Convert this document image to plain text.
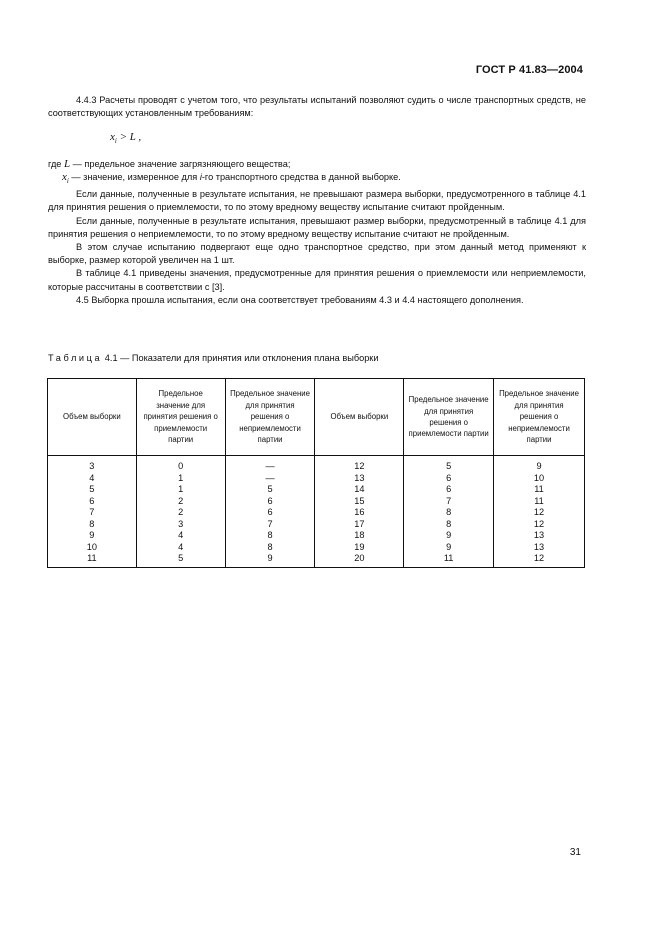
ГОСТ Р 41.83—2004

4.4.3 Расчеты проводят с учетом того, что результаты испытаний позволяют судить о числе транспортных средств, не соответствующих установленным требованиям:

$x_i > L$ ,

где L — предельное значение загрязняющего вещества;

$x_i$ — значение, измеренное для i-го транспортного средства в данной выборке.

Если данные, полученные в результате испытания, не превышают размера выборки, предусмотренного в таблице 4.1 для принятия решения о приемлемости, то по этому вредному веществу испытание считают пройденным.

Если данные, полученные в результате испытания, превышают размер выборки, предусмотренный в таблице 4.1 для принятия решения о неприемлемости, то по этому вредному веществу испытание считают не пройденным.

В этом случае испытанию подвергают еще одно транспортное средство, при этом данный метод применяют к выборке, размер которой увеличен на 1 шт.

В таблице 4.1 приведены значения, предусмотренные для принятия решения о приемлемости или неприемлемости, которые рассчитаны в соответствии с [3].

4.5 Выборка прошла испытания, если она соответствует требованиям 4.3 и 4.4 настоящего дополнения.

Таблица 4.1 — Показатели для принятия или отклонения плана выборки
Объем выборки	Предельное значение для принятия решения о приемлемости партии	Предельное значение для принятия решения о неприемлемости партии	Объем выборки	Предельное значение для принятия решения о приемлемости партии	Предельное значение для принятия решения о неприемлемости партии
3	0	—	12	5	9
4	1	—	13	6	10
5	1	5	14	6	11
6	2	6	15	7	11
7	2	6	16	8	12
8	3	7	17	8	12
9	4	8	18	9	13
10	4	8	19	9	13
11	5	9	20	11	12
31
